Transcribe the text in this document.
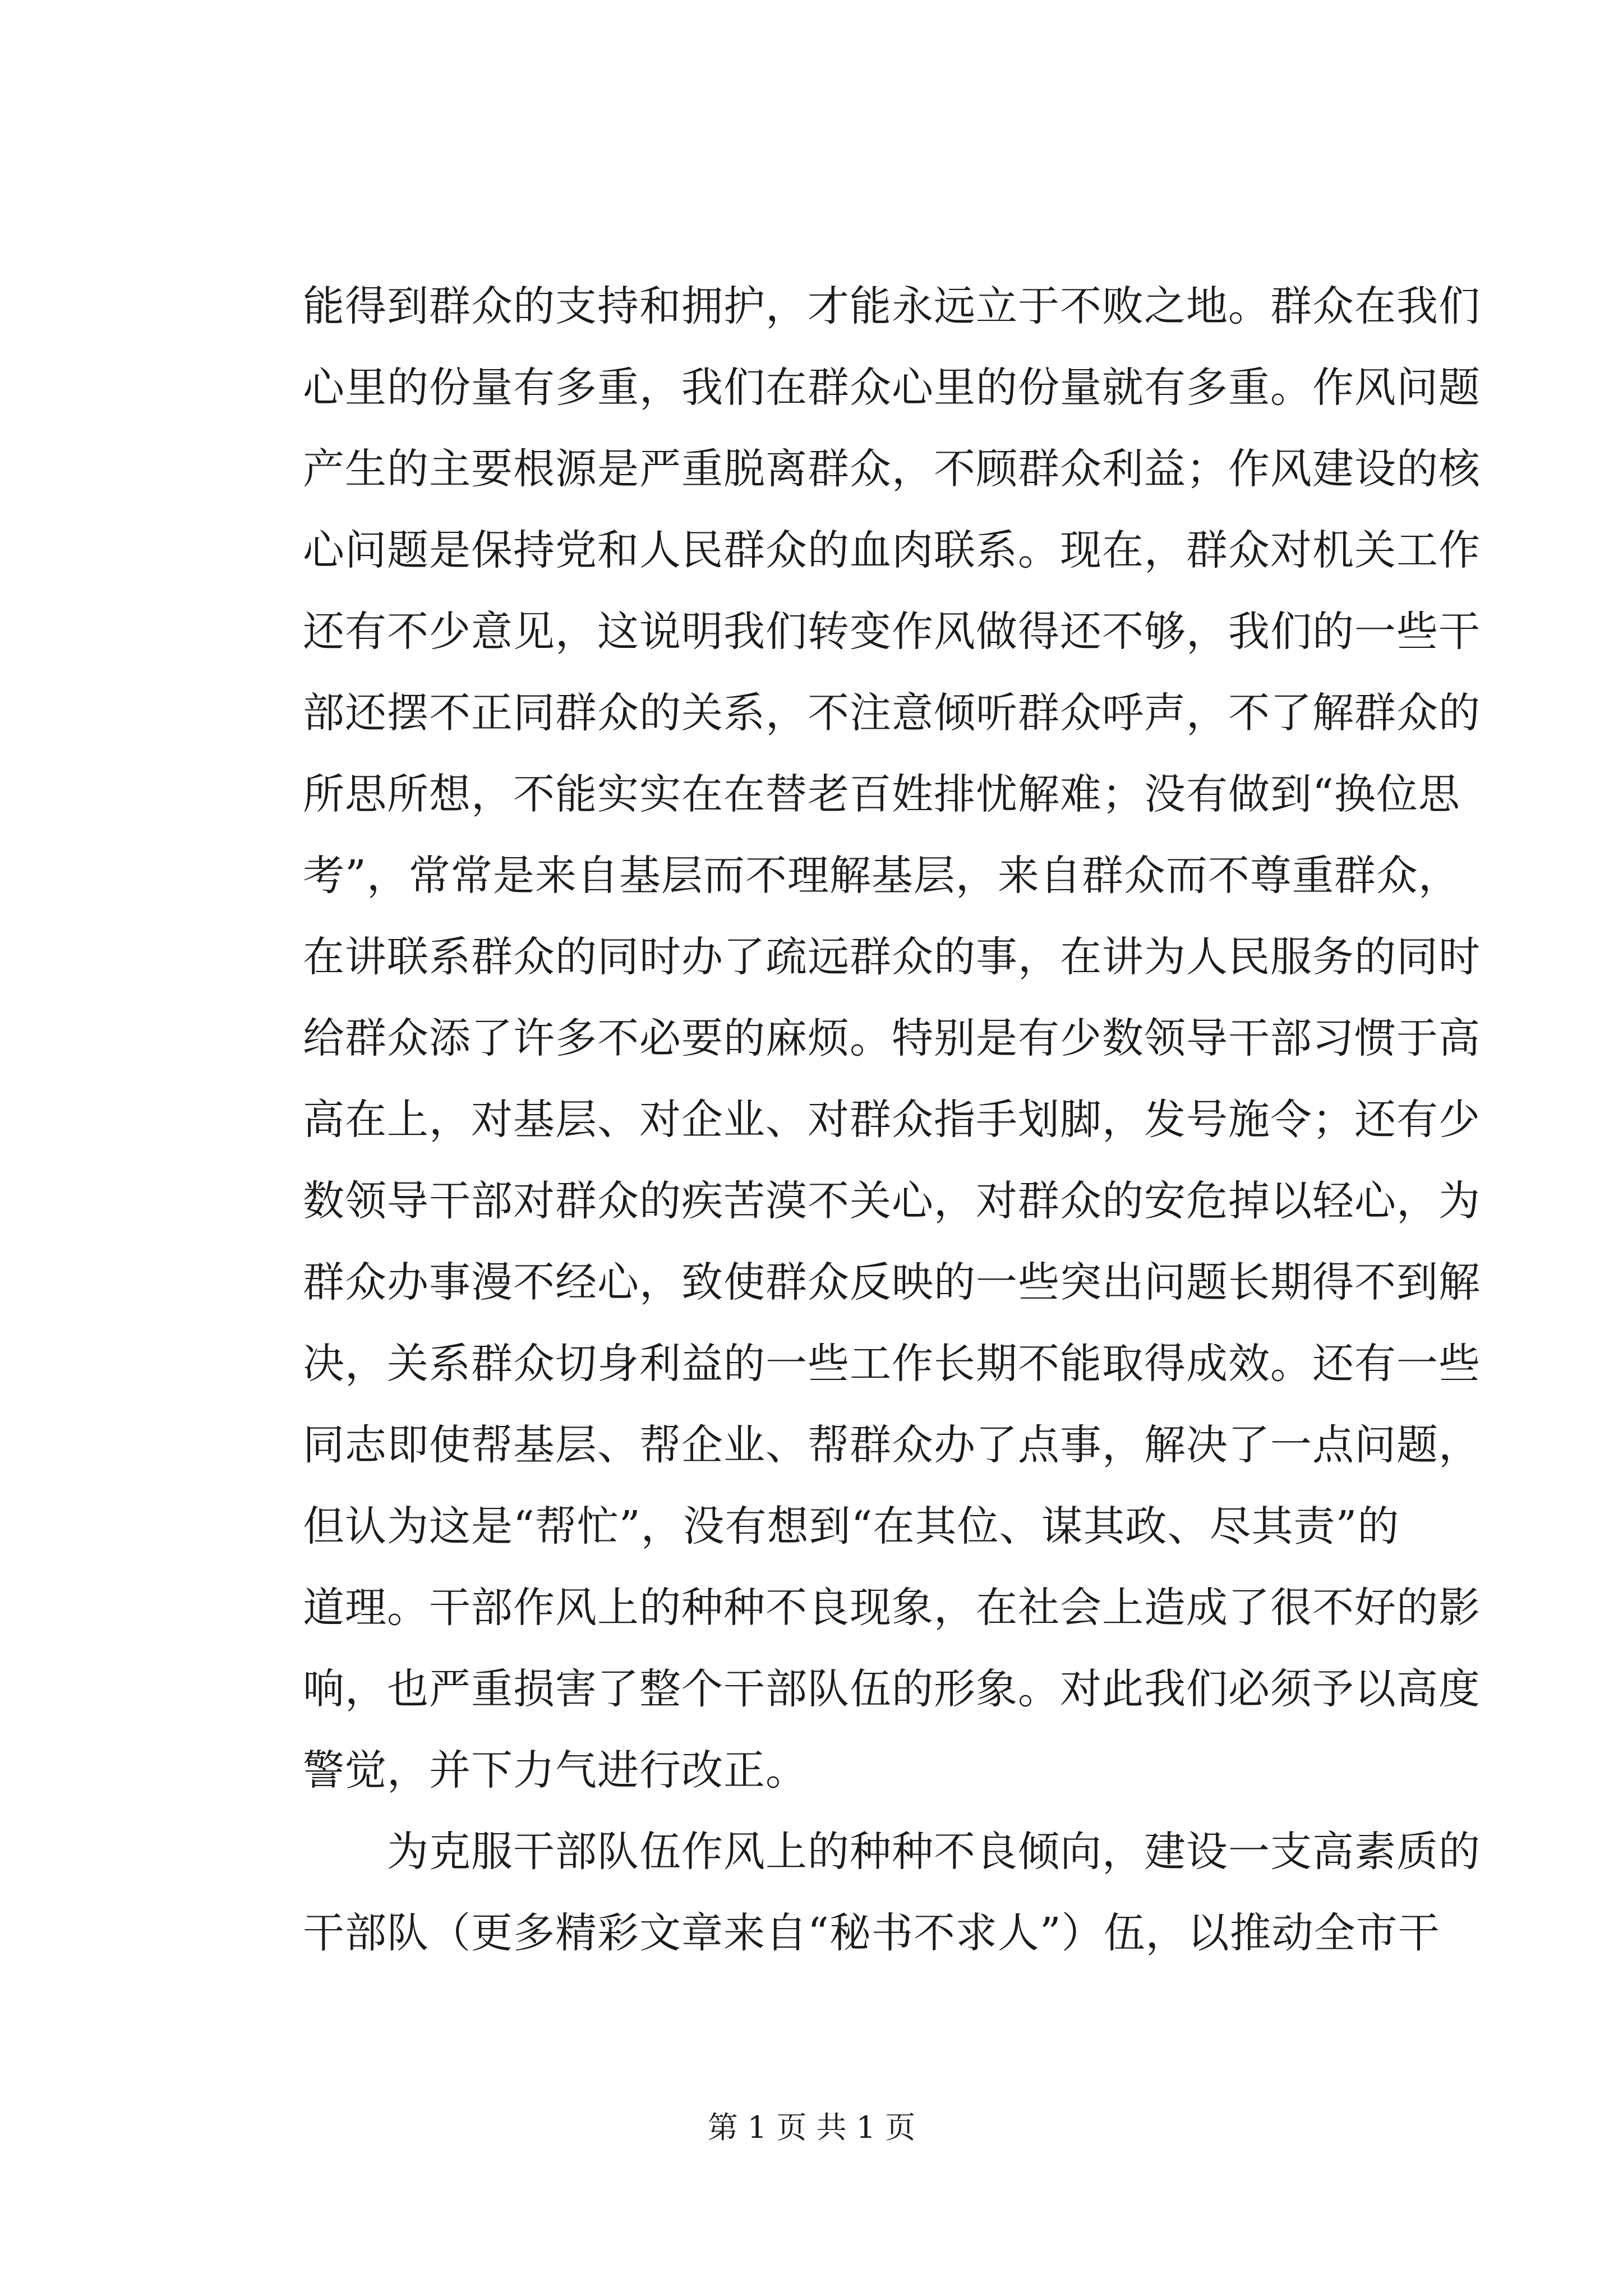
能得到群众的支持和拥护，才能永远立于不败之地。群众在我们
心里的份量有多重，我们在群众心里的份量就有多重。作风问题
产生的主要根源是严重脱离群众，不顾群众利益；作风建设的核
心问题是保持党和人民群众的血肉联系。现在，群众对机关工作
还有不少意见，这说明我们转变作风做得还不够，我们的一些干
部还摆不正同群众的关系，不注意倾听群众呼声，不了解群众的
所思所想，不能实实在在替老百姓排忧解难；没有做到“换位思
考”，常常是来自基层而不理解基层，来自群众而不尊重群众，
在讲联系群众的同时办了疏远群众的事，在讲为人民服务的同时
给群众添了许多不必要的麻烦。特别是有少数领导干部习惯于高
高在上，对基层、对企业、对群众指手划脚，发号施令；还有少
数领导干部对群众的疾苦漠不关心，对群众的安危掉以轻心，为
群众办事漫不经心，致使群众反映的一些突出问题长期得不到解
决，关系群众切身利益的一些工作长期不能取得成效。还有一些
同志即使帮基层、帮企业、帮群众办了点事，解决了一点问题，
但认为这是“帮忙”，没有想到“在其位、谋其政、尽其责”的
道理。干部作风上的种种不良现象，在社会上造成了很不好的影
响，也严重损害了整个干部队伍的形象。对此我们必须予以高度
警觉，并下力气进行改正。
　　为克服干部队伍作风上的种种不良倾向，建设一支高素质的
干部队（更多精彩文章来自“秘书不求人”）伍，以推动全市干
第 1 页 共 1 页
